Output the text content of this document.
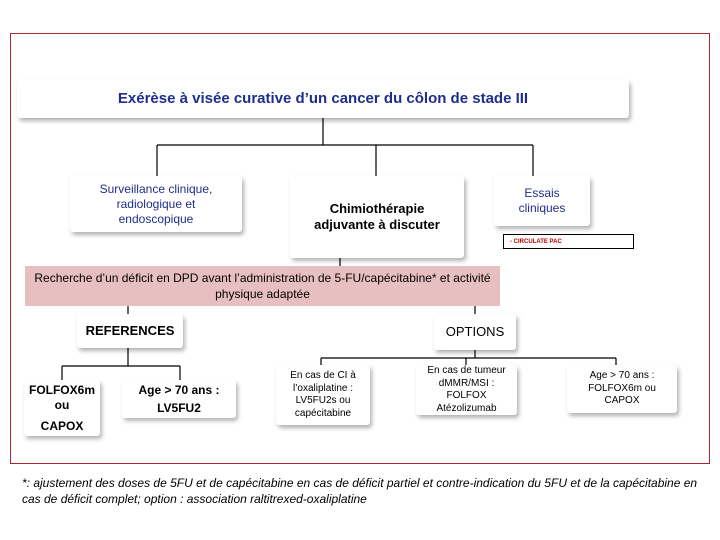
Exérèse à visée curative d’un cancer du côlon de stade III
Surveillance clinique, radiologique et endoscopique
Chimiothérapie adjuvante à discuter
Essais cliniques
- CIRCULATE PAC
Recherche d’un déficit en DPD avant l’administration de 5-FU/capécitabine* et activité physique adaptée
REFERENCES
FOLFOX6m
ou
CAPOX
Age > 70 ans :
LV5FU2
OPTIONS
En cas de CI à l’oxaliplatine : LV5FU2s ou capécitabine
En cas de tumeur dMMR/MSI : FOLFOX Atézolizumab
Age > 70 ans : FOLFOX6m ou CAPOX
*: ajustement des doses de 5FU et de capécitabine en cas de déficit partiel et contre-indication du 5FU et de la capécitabine en cas de déficit complet; option : association raltitrexed-oxaliplatine
